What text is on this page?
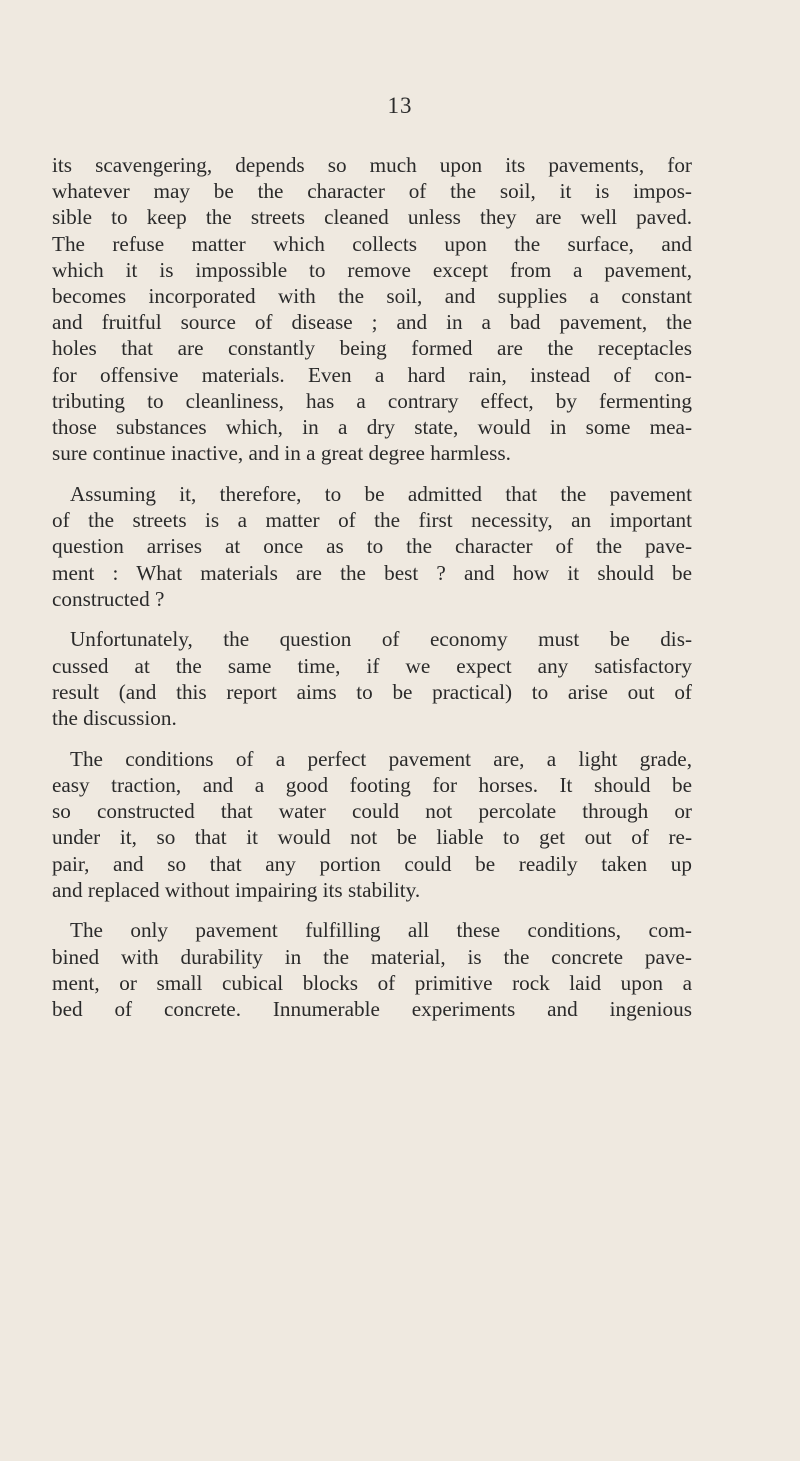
13

its scavengering, depends so much upon its pavements, for
whatever may be the character of the soil, it is impos-
sible to keep the streets cleaned unless they are well paved.
The refuse matter which collects upon the surface, and
which it is impossible to remove except from a pavement,
becomes incorporated with the soil, and supplies a constant
and fruitful source of disease ; and in a bad pavement, the
holes that are constantly being formed are the receptacles
for offensive materials. Even a hard rain, instead of con-
tributing to cleanliness, has a contrary effect, by fermenting
those substances which, in a dry state, would in some mea-
sure continue inactive, and in a great degree harmless.

Assuming it, therefore, to be admitted that the pavement
of the streets is a matter of the first necessity, an important
question arrises at once as to the character of the pave-
ment : What materials are the best ? and how it should be
constructed ?

Unfortunately, the question of economy must be dis-
cussed at the same time, if we expect any satisfactory
result (and this report aims to be practical) to arise out of
the discussion.

The conditions of a perfect pavement are, a light grade,
easy traction, and a good footing for horses. It should be
so constructed that water could not percolate through or
under it, so that it would not be liable to get out of re-
pair, and so that any portion could be readily taken up
and replaced without impairing its stability.

The only pavement fulfilling all these conditions, com-
bined with durability in the material, is the concrete pave-
ment, or small cubical blocks of primitive rock laid upon a
bed of concrete. Innumerable experiments and ingenious
